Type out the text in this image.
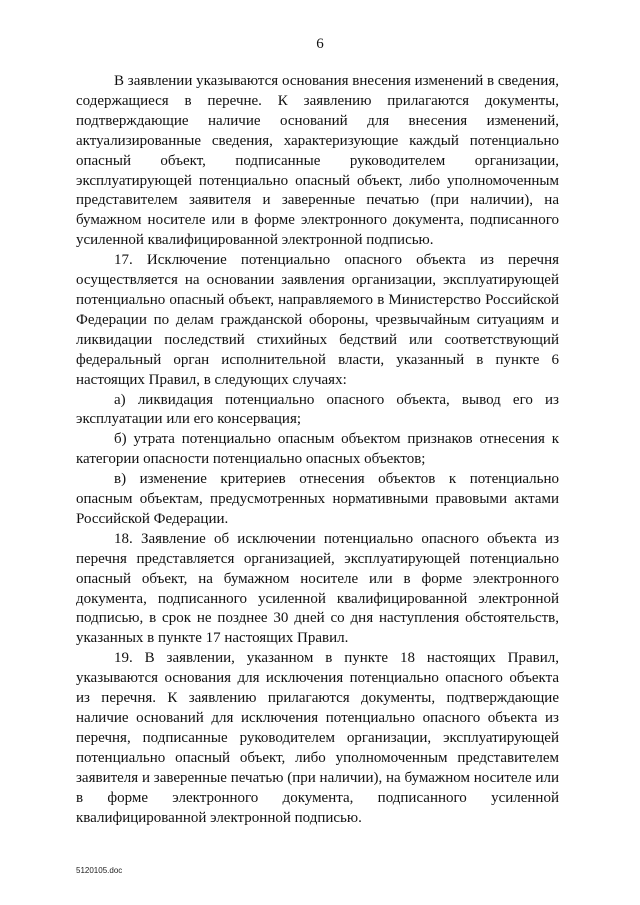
6

В заявлении указываются основания внесения изменений в сведения, содержащиеся в перечне. К заявлению прилагаются документы, подтверждающие наличие оснований для внесения изменений, актуализированные сведения, характеризующие каждый потенциально опасный объект, подписанные руководителем организации, эксплуатирующей потенциально опасный объект, либо уполномоченным представителем заявителя и заверенные печатью (при наличии), на бумажном носителе или в форме электронного документа, подписанного усиленной квалифицированной электронной подписью.

17. Исключение потенциально опасного объекта из перечня осуществляется на основании заявления организации, эксплуатирующей потенциально опасный объект, направляемого в Министерство Российской Федерации по делам гражданской обороны, чрезвычайным ситуациям и ликвидации последствий стихийных бедствий или соответствующий федеральный орган исполнительной власти, указанный в пункте 6 настоящих Правил, в следующих случаях:

а) ликвидация потенциально опасного объекта, вывод его из эксплуатации или его консервация;

б) утрата потенциально опасным объектом признаков отнесения к категории опасности потенциально опасных объектов;

в) изменение критериев отнесения объектов к потенциально опасным объектам, предусмотренных нормативными правовыми актами Российской Федерации.

18. Заявление об исключении потенциально опасного объекта из перечня представляется организацией, эксплуатирующей потенциально опасный объект, на бумажном носителе или в форме электронного документа, подписанного усиленной квалифицированной электронной подписью, в срок не позднее 30 дней со дня наступления обстоятельств, указанных в пункте 17 настоящих Правил.

19. В заявлении, указанном в пункте 18 настоящих Правил, указываются основания для исключения потенциально опасного объекта из перечня. К заявлению прилагаются документы, подтверждающие наличие оснований для исключения потенциально опасного объекта из перечня, подписанные руководителем организации, эксплуатирующей потенциально опасный объект, либо уполномоченным представителем заявителя и заверенные печатью (при наличии), на бумажном носителе или в форме электронного документа, подписанного усиленной квалифицированной электронной подписью.

5120105.doc
